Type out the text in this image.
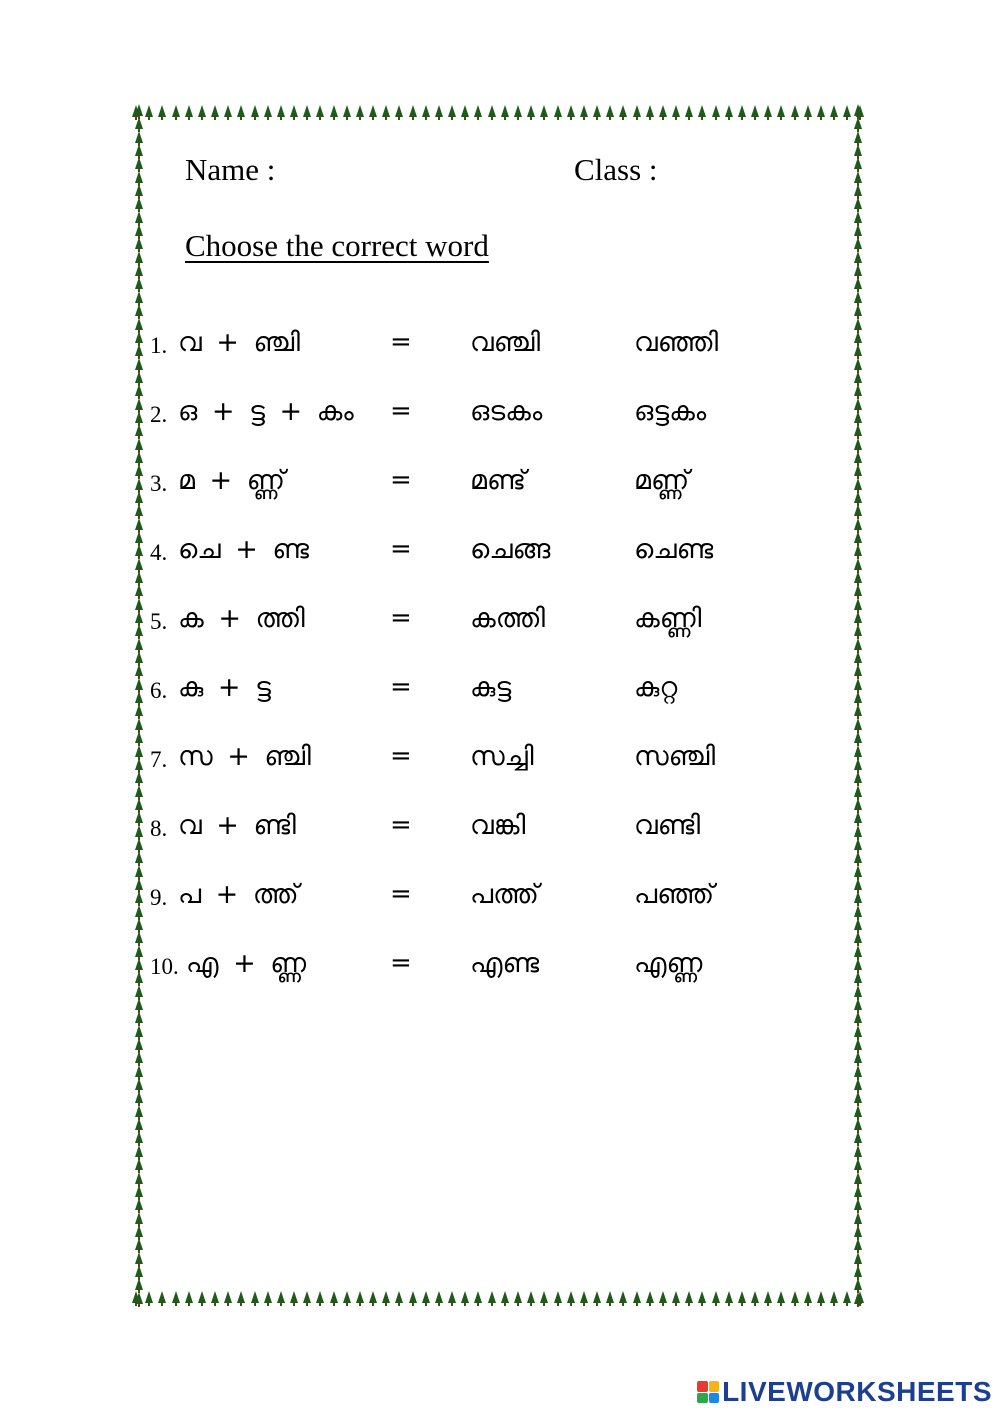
Name :	Class :
Choose the correct word
1. വ + ഞ്ചി	= വഞ്ചി	വഞ്ഞി
2. ഒ + ട്ട + കം = ഒടകം	ഒട്ടകം
3. മ + ണ്ണ്	= മണ്ട്	മണ്ണ്
4. ചെ + ണ്ട	= ചെങ്ങ	ചെണ്ട
5. ക + ത്തി	= കത്തി	കണ്ണി
6. കു + ട്ട	= കുട്ട	കുറ്റ
7. സ + ഞ്ചി	= സച്ചി	സഞ്ചി
8. വ + ണ്ടി	= വങ്കി	വണ്ടി
9. പ + ത്ത്	= പത്ത്	പഞ്ഞ്
10. എ + ണ്ണ	= എണ്ട	എണ്ണ
LIVEWORKSHEETS
